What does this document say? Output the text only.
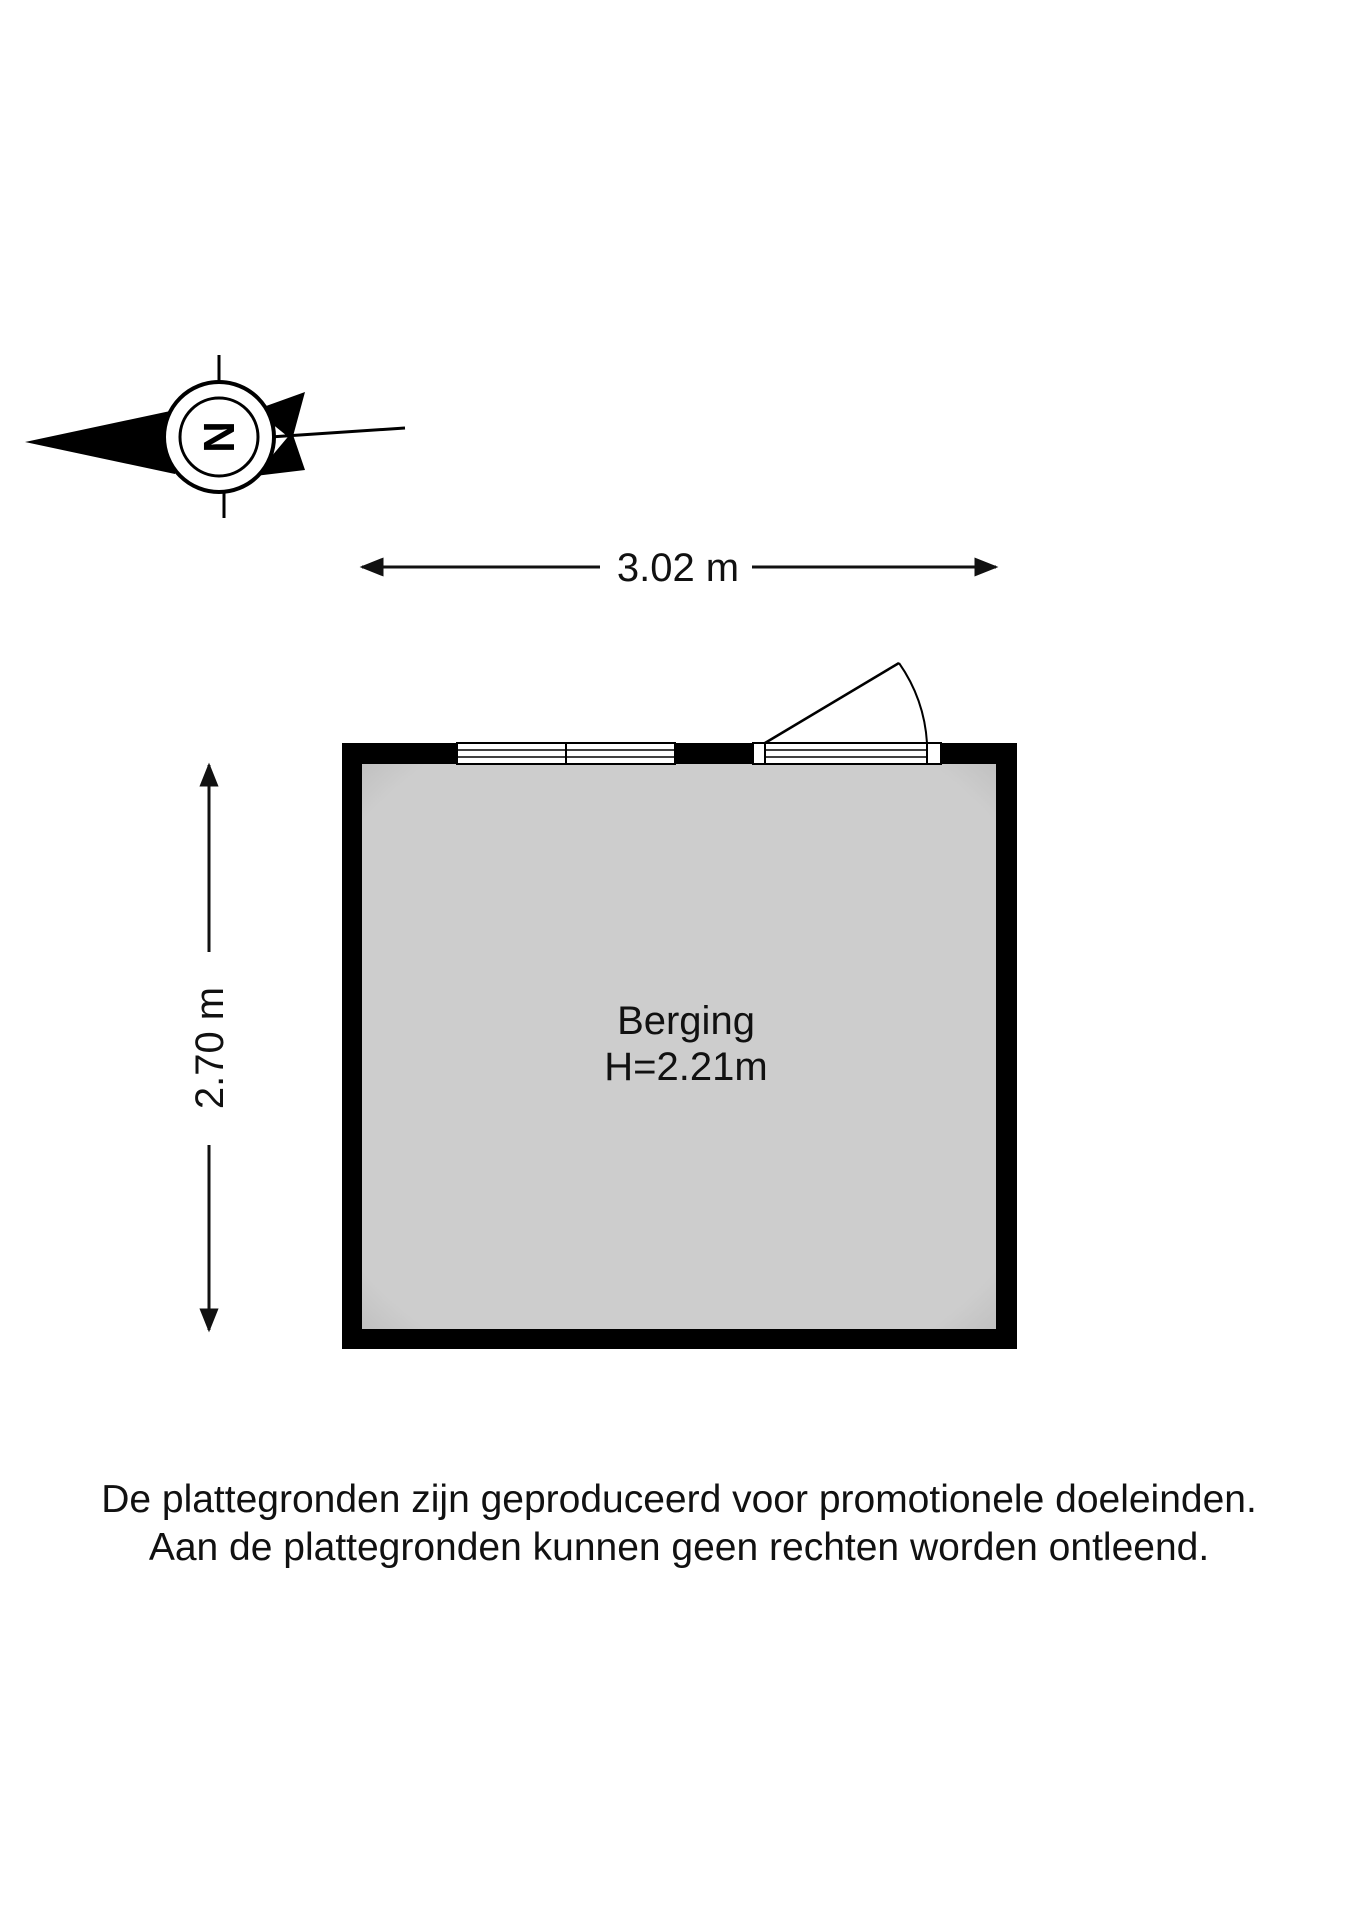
N
3.02 m
2.70 m	Berging
H=2.21m
De plattegronden zijn geproduceerd voor promotionele doeleinden.
Aan de plattegronden kunnen geen rechten worden ontleend.
